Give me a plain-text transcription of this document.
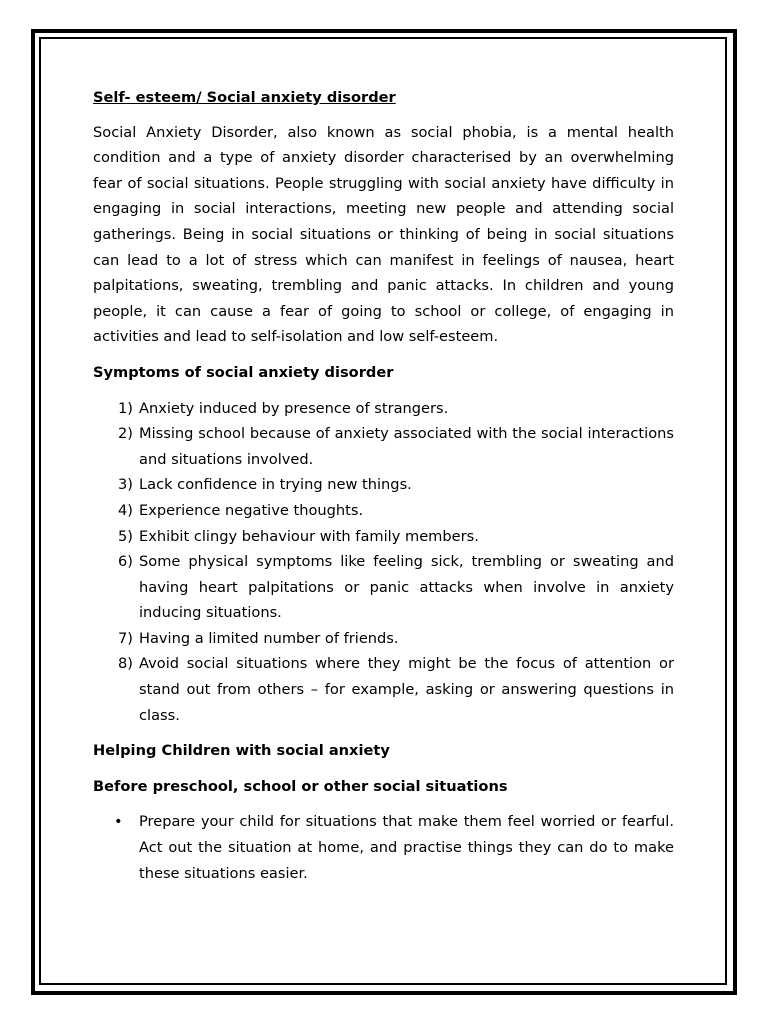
Self- esteem/ Social anxiety disorder
Social Anxiety Disorder, also known as social phobia, is a mental health condition and a type of anxiety disorder characterised by an overwhelming fear of social situations. People struggling with social anxiety have difficulty in engaging in social interactions, meeting new people and attending social gatherings. Being in social situations or thinking of being in social situations can lead to a lot of stress which can manifest in feelings of nausea, heart palpitations, sweating, trembling and panic attacks. In children and young people, it can cause a fear of going to school or college, of engaging in activities and lead to self-isolation and low self-esteem.
Symptoms of social anxiety disorder
1) Anxiety induced by presence of strangers.
2) Missing school because of anxiety associated with the social interactions and situations involved.
3) Lack confidence in trying new things.
4) Experience negative thoughts.
5) Exhibit clingy behaviour with family members.
6) Some physical symptoms like feeling sick, trembling or sweating and having heart palpitations or panic attacks when involve in anxiety inducing situations.
7) Having a limited number of friends.
8) Avoid social situations where they might be the focus of attention or stand out from others – for example, asking or answering questions in class.
Helping Children with social anxiety
Before preschool, school or other social situations
•	Prepare your child for situations that make them feel worried or fearful. Act out the situation at home, and practise things they can do to make these situations easier.
